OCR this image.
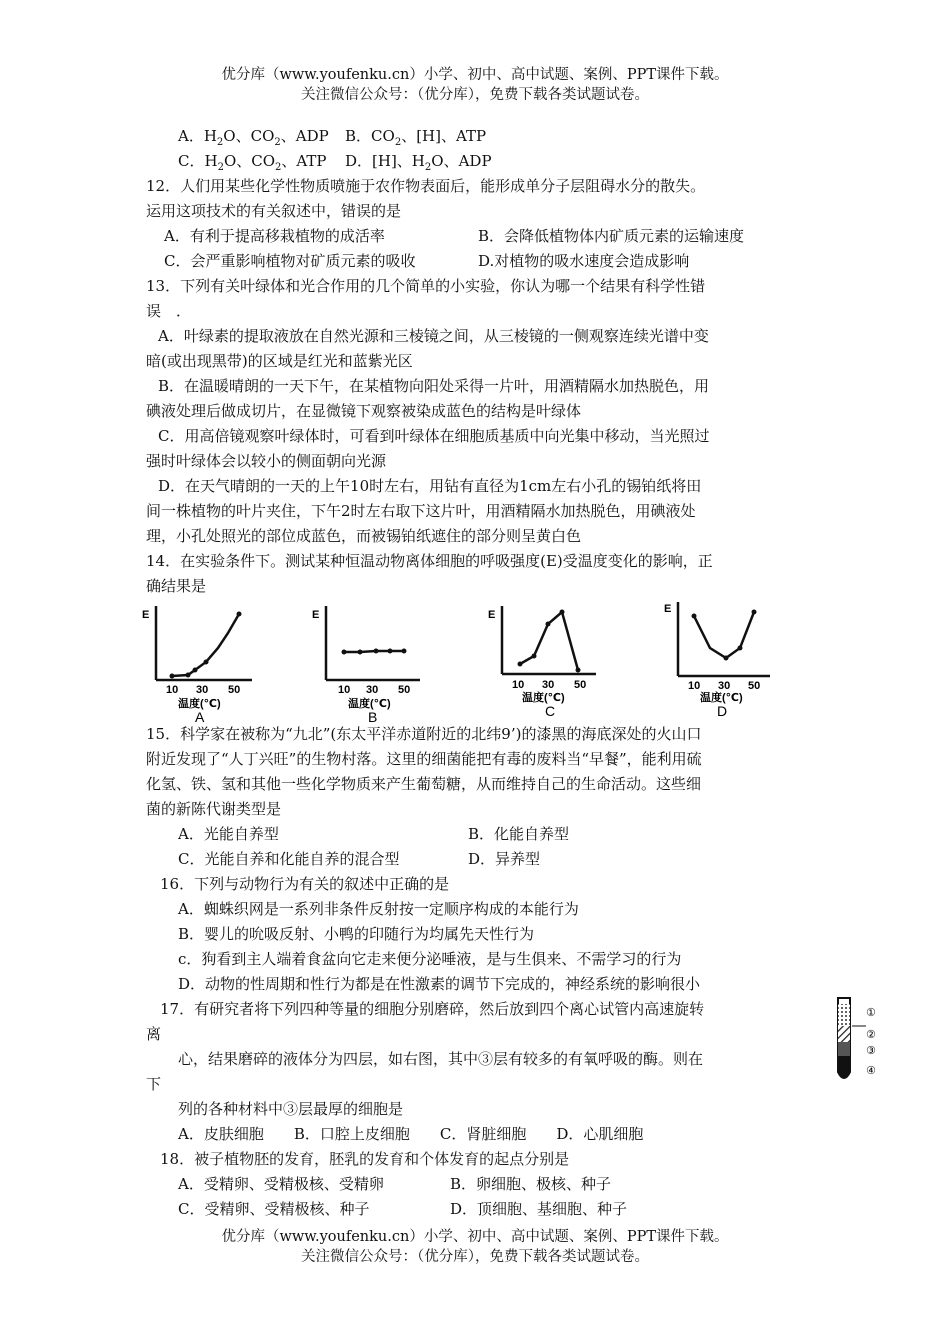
优分库（www.youfenku.cn）小学、初中、高中试题、案例、PPT课件下载。
关注微信公众号：（优分库），免费下载各类试题试卷。
A．$H_2O$、$CO_2$、ADP B．$CO_2$、[H]、ATP
C．$H_2O$、$CO_2$、ATP D．[H]、$H_2O$、ADP
12．人们用某些化学性物质喷施于农作物表面后，能形成单分子层阻碍水分的散失。
运用这项技术的有关叙述中，错误的是
A．有利于提高移栽植物的成活率	B．会降低植物体内矿质元素的运输速度
C．会严重影响植物对矿质元素的吸收	D.对植物的吸水速度会造成影响
13．下列有关叶绿体和光合作用的几个简单的小实验，你认为哪一个结果有科学性错
误　．
A．叶绿素的提取液放在自然光源和三棱镜之间，从三棱镜的一侧观察连续光谱中变
暗(或出现黑带)的区域是红光和蓝紫光区
B．在温暖晴朗的一天下午，在某植物向阳处采得一片叶，用酒精隔水加热脱色，用
碘液处理后做成切片，在显微镜下观察被染成蓝色的结构是叶绿体
C．用高倍镜观察叶绿体时，可看到叶绿体在细胞质基质中向光集中移动，当光照过
强时叶绿体会以较小的侧面朝向光源
D．在天气晴朗的一天的上午10时左右，用钻有直径为1cm左右小孔的锡铂纸将田
间一株植物的叶片夹住，下午2时左右取下这片叶，用酒精隔水加热脱色，用碘液处
理，小孔处照光的部位成蓝色，而被锡铂纸遮住的部分则呈黄白色
14．在实验条件下。测试某种恒温动物离体细胞的呼吸强度(E)受温度变化的影响，正
确结果是
E
10 30 50
温度(℃)
A
E
10 30 50
温度(℃)
B
E
10 30 50
温度(℃)
C
E
10 30 50
温度(℃)
D
15．科学家在被称为“九北”(东太平洋赤道附近的北纬9’)的漆黑的海底深处的火山口
附近发现了“人丁兴旺”的生物村落。这里的细菌能把有毒的废料当“早餐”，能利用硫
化氢、铁、氢和其他一些化学物质来产生葡萄糖，从而维持自己的生命活动。这些细
菌的新陈代谢类型是
A．光能自养型	B．化能自养型
C．光能自养和化能自养的混合型	D．异养型
16．下列与动物行为有关的叙述中正确的是
A．蜘蛛织网是一系列非条件反射按一定顺序构成的本能行为
B．婴儿的吮吸反射、小鸭的印随行为均属先天性行为
c．狗看到主人端着食盆向它走来便分泌唾液，是与生俱来、不需学习的行为
D．动物的性周期和性行为都是在性激素的调节下完成的，神经系统的影响很小
17．有研究者将下列四种等量的细胞分别磨碎，然后放到四个离心试管内高速旋转
离
心，结果磨碎的液体分为四层，如右图，其中③层有较多的有氧呼吸的酶。则在
下
列的各种材料中③层最厚的细胞是
A．皮肤细胞　　B．口腔上皮细胞　　C．肾脏细胞　　D．心肌细胞
①
②
③
④
18．被子植物胚的发育，胚乳的发育和个体发育的起点分别是
A．受精卵、受精极核、受精卵	B．卵细胞、极核、种子
C．受精卵、受精极核、种子	D．顶细胞、基细胞、种子
优分库（www.youfenku.cn）小学、初中、高中试题、案例、PPT课件下载。
关注微信公众号：（优分库），免费下载各类试题试卷。
